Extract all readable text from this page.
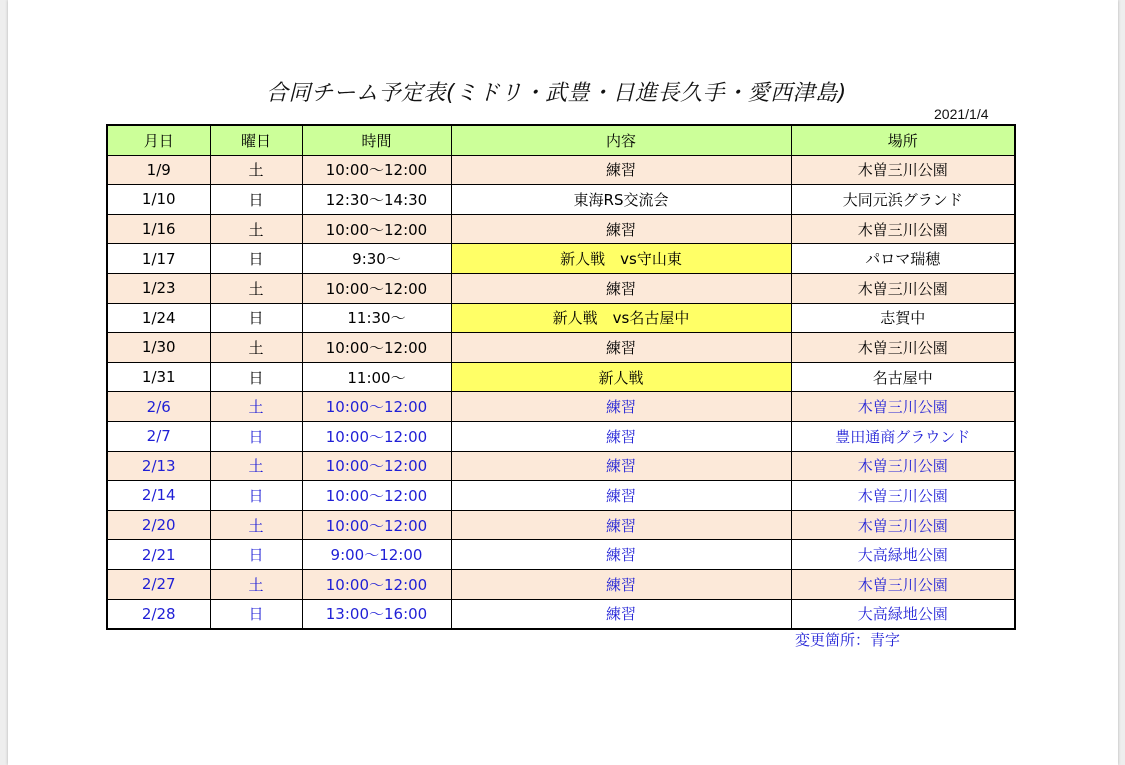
合同チーム予定表(ミドリ・武豊・日進長久手・愛西津島)
2021/1/4
月日	曜日	時間	内容	場所
1/9	土	10:00～12:00	練習	木曽三川公園
1/10	日	12:30～14:30	東海RS交流会	大同元浜グランド
1/16	土	10:00～12:00	練習	木曽三川公園
1/17	日	9:30～	新人戦　vs守山東	パロマ瑞穂
1/23	土	10:00～12:00	練習	木曽三川公園
1/24	日	11:30～	新人戦　vs名古屋中	志賀中
1/30	土	10:00～12:00	練習	木曽三川公園
1/31	日	11:00～	新人戦	名古屋中
2/6	土	10:00～12:00	練習	木曽三川公園
2/7	日	10:00～12:00	練習	豊田通商グラウンド
2/13	土	10:00～12:00	練習	木曽三川公園
2/14	日	10:00～12:00	練習	木曽三川公園
2/20	土	10:00～12:00	練習	木曽三川公園
2/21	日	9:00～12:00	練習	大高緑地公園
2/27	土	10:00～12:00	練習	木曽三川公園
2/28	日	13:00～16:00	練習	大高緑地公園
変更箇所：青字
